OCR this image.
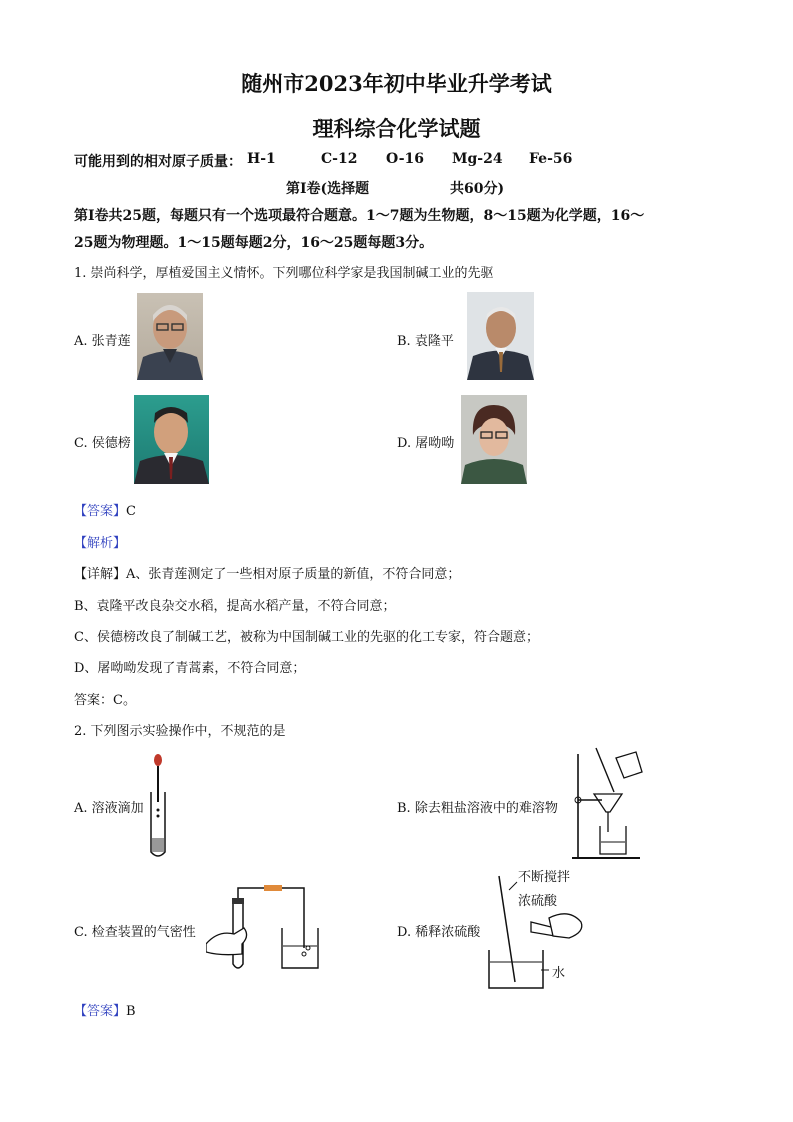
随州市2023年初中毕业升学考试
理科综合化学试题
可能用到的相对原子质量： H-1	C-12 O-16 Mg-24 Fe-56
第Ⅰ卷(选择题	共60分)
第Ⅰ卷共25题，每题只有一个选项最符合题意。1～7题为生物题，8～15题为化学题，16～
25题为物理题。1～15题每题2分，16～25题每题3分。
1. 崇尚科学，厚植爱国主义情怀。下列哪位科学家是我国制碱工业的先驱
A. 张青莲	B. 袁隆平
C. 侯德榜	D. 屠呦呦
【答案】C
【解析】
【详解】A、张青莲测定了一些相对原子质量的新值，不符合同意；
B、袁隆平改良杂交水稻，提高水稻产量，不符合同意；
C、侯德榜改良了制碱工艺，被称为中国制碱工业的先驱的化工专家，符合题意；
D、屠呦呦发现了青蒿素，不符合同意；
答案：C。
2. 下列图示实验操作中，不规范的是
A. 溶液滴加	B. 除去粗盐溶液中的难溶物
C. 检查装置的气密性	D. 稀释浓硫酸
不断搅拌
浓硫酸
水
【答案】B
